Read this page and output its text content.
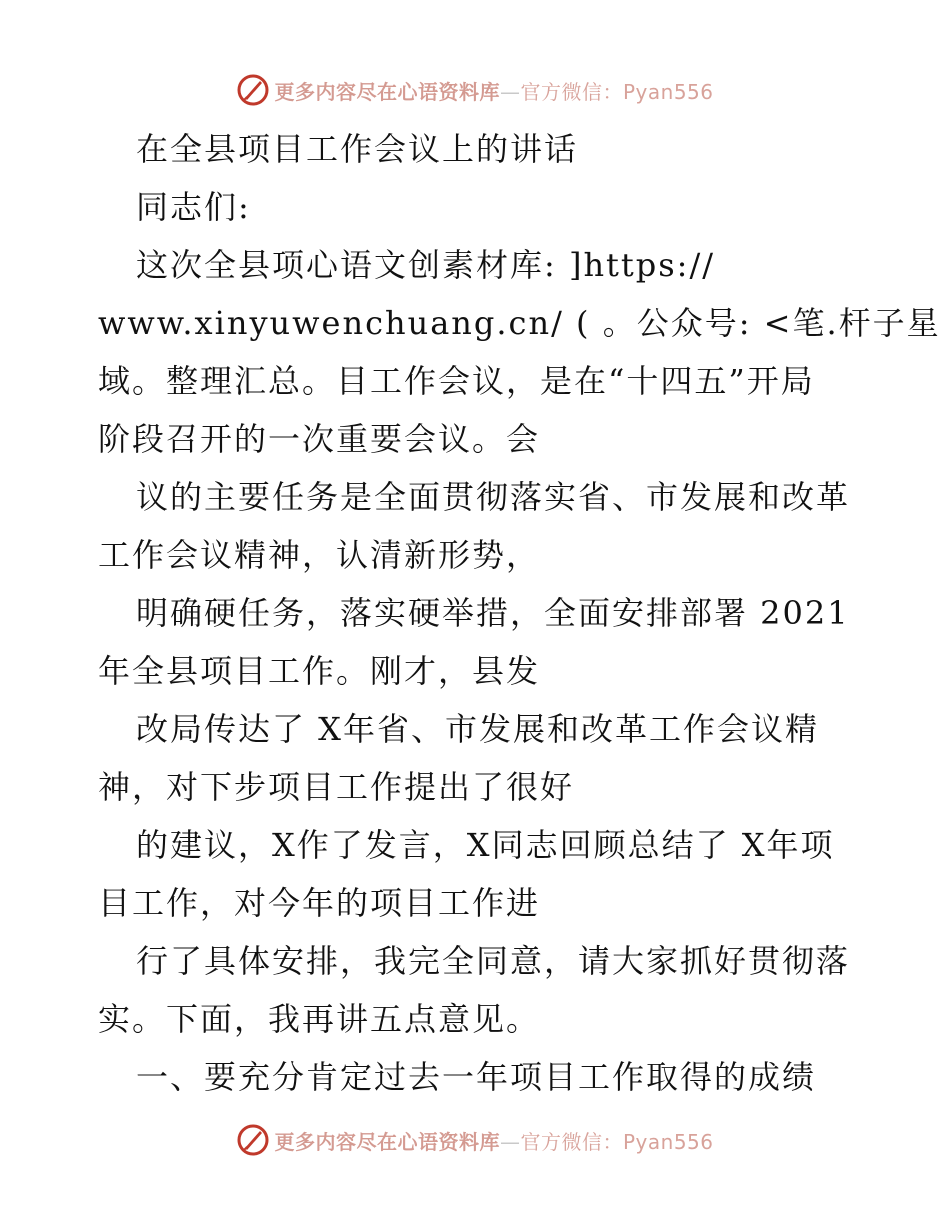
更多内容尽在心语资料库—官方微信：Pyan556
在全县项目工作会议上的讲话
同志们:
这次全县项心语文创素材库: ]https://
www.xinyuwenchuang.cn/ ( 。公众号: <笔.杆子星
域。整理汇总。目工作会议，是在“十四五”开局
阶段召开的一次重要会议。会
议的主要任务是全面贯彻落实省、市发展和改革
工作会议精神，认清新形势，
明确硬任务，落实硬举措，全面安排部署 2021
年全县项目工作。刚才，县发
改局传达了 X年省、市发展和改革工作会议精
神，对下步项目工作提出了很好
的建议，X作了发言，X同志回顾总结了 X年项
目工作，对今年的项目工作进
行了具体安排，我完全同意，请大家抓好贯彻落
实。下面，我再讲五点意见。
一、要充分肯定过去一年项目工作取得的成绩
更多内容尽在心语资料库—官方微信：Pyan556
